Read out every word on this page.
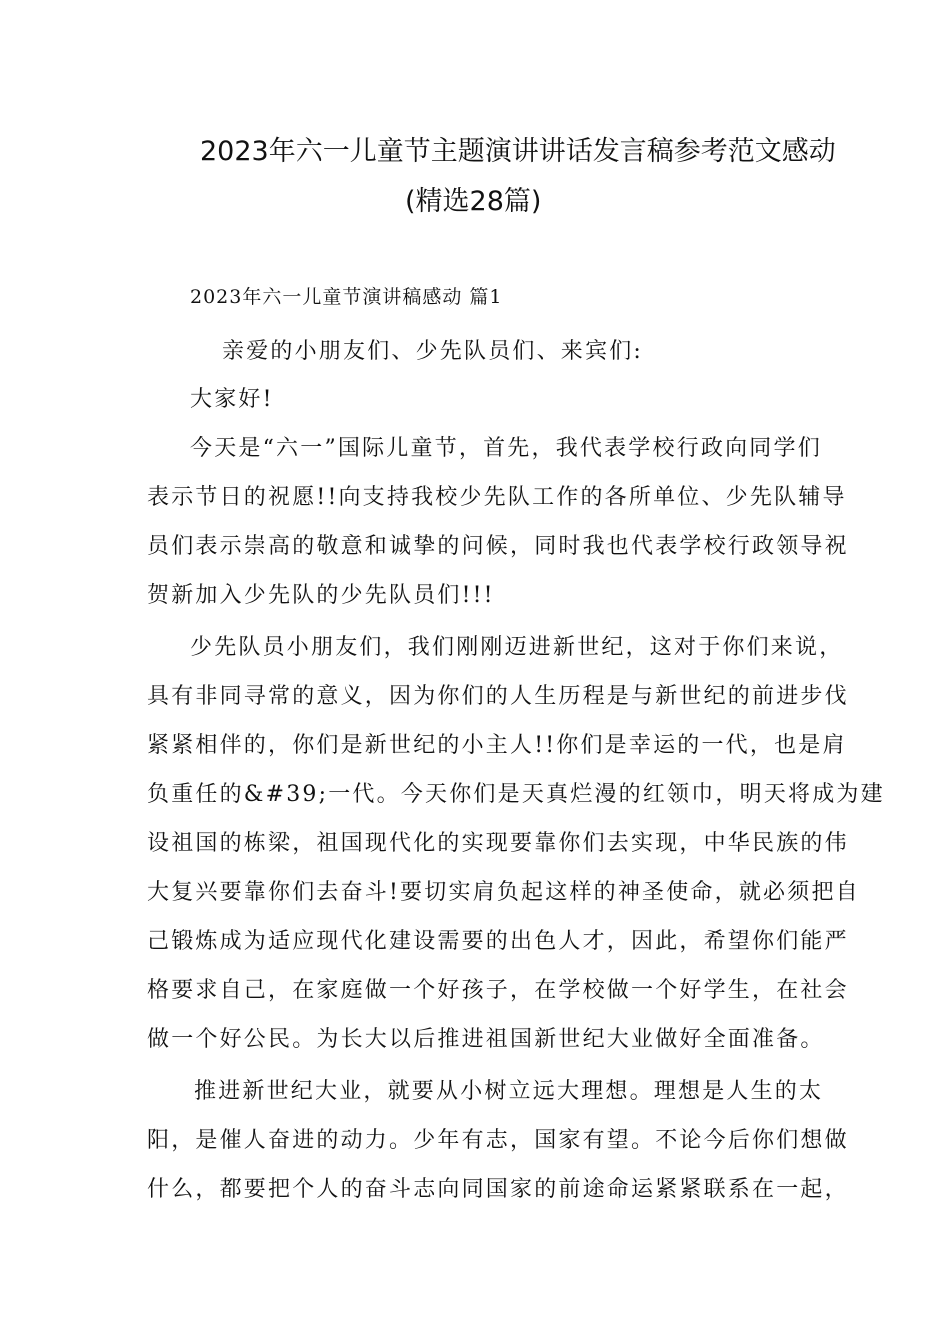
2023年六一儿童节主题演讲讲话发言稿参考范文感动
(精选28篇)
2023年六一儿童节演讲稿感动 篇1
亲爱的小朋友们、少先队员们、来宾们:
大家好!
今天是“六一”国际儿童节，首先，我代表学校行政向同学们
表示节日的祝愿!!向支持我校少先队工作的各所单位、少先队辅导
员们表示崇高的敬意和诚挚的问候，同时我也代表学校行政领导祝
贺新加入少先队的少先队员们!!!
少先队员小朋友们，我们刚刚迈进新世纪，这对于你们来说，
具有非同寻常的意义，因为你们的人生历程是与新世纪的前进步伐
紧紧相伴的，你们是新世纪的小主人!!你们是幸运的一代，也是肩
负重任的&#39;一代。今天你们是天真烂漫的红领巾，明天将成为建
设祖国的栋梁，祖国现代化的实现要靠你们去实现，中华民族的伟
大复兴要靠你们去奋斗!要切实肩负起这样的神圣使命，就必须把自
己锻炼成为适应现代化建设需要的出色人才，因此，希望你们能严
格要求自己，在家庭做一个好孩子，在学校做一个好学生，在社会
做一个好公民。为长大以后推进祖国新世纪大业做好全面准备。
推进新世纪大业，就要从小树立远大理想。理想是人生的太
阳，是催人奋进的动力。少年有志，国家有望。不论今后你们想做
什么，都要把个人的奋斗志向同国家的前途命运紧紧联系在一起，
